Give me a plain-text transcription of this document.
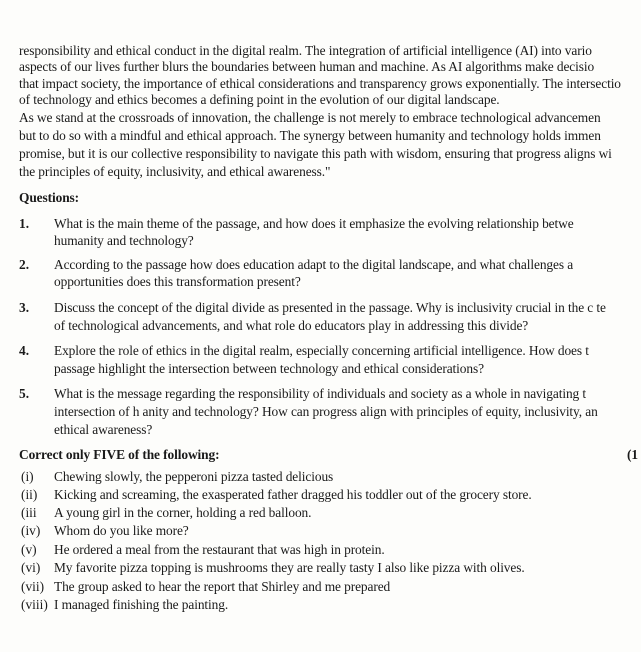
responsibility and ethical conduct in the digital realm. The integration of artificial intelligence (AI) into vario
aspects of our lives further blurs the boundaries between human and machine. As AI algorithms make decisio
that impact society, the importance of ethical considerations and transparency grows exponentially. The intersectio
of technology and ethics becomes a defining point in the evolution of our digital landscape.
As we stand at the crossroads of innovation, the challenge is not merely to embrace technological advancemen
but to do so with a mindful and ethical approach. The synergy between humanity and technology holds immen
promise, but it is our collective responsibility to navigate this path with wisdom, ensuring that progress aligns wi
the principles of equity, inclusivity, and ethical awareness."
Questions:
1. What is the main theme of the passage, and how does it emphasize the evolving relationship betwe
humanity and technology?
2. According to the passage how does education adapt to the digital landscape, and what challenges a
opportunities does this transformation present?
3. Discuss the concept of the digital divide as presented in the passage. Why is inclusivity crucial in the c te
of technological advancements, and what role do educators play in addressing this divide?
4. Explore the role of ethics in the digital realm, especially concerning artificial intelligence. How does t
passage highlight the intersection between technology and ethical considerations?
5. What is the message regarding the responsibility of individuals and society as a whole in navigating t
intersection of h anity and technology? How can progress align with principles of equity, inclusivity, an
ethical awareness?
Correct only FIVE of the following:	(1
(i) Chewing slowly, the pepperoni pizza tasted delicious
(ii) Kicking and screaming, the exasperated father dragged his toddler out of the grocery store.
(iii A young girl in the corner, holding a red balloon.
(iv) Whom do you like more?
(v) He ordered a meal from the restaurant that was high in protein.
(vi) My favorite pizza topping is mushrooms they are really tasty I also like pizza with olives.
(vii) The group asked to hear the report that Shirley and me prepared
(viii) I managed finishing the painting.
